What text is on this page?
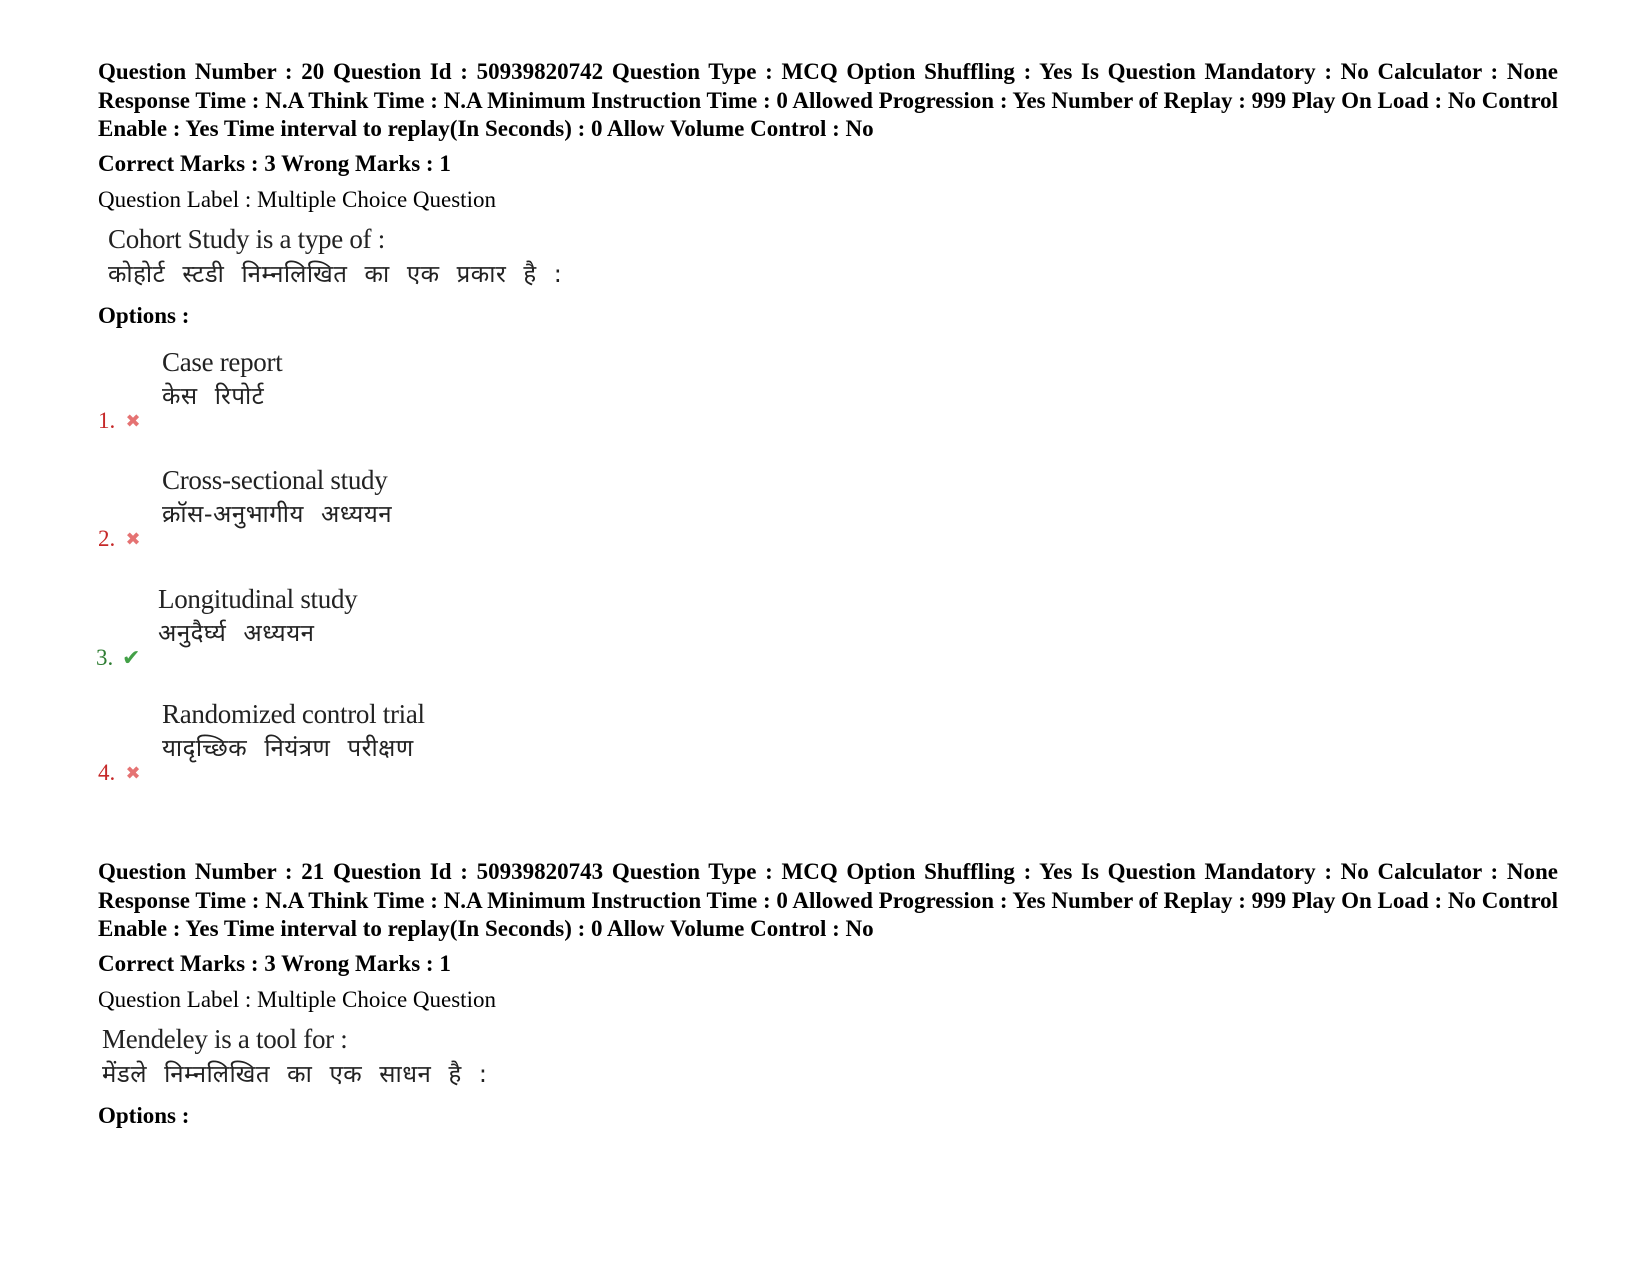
Question Number : 20 Question Id : 50939820742 Question Type : MCQ Option Shuffling : Yes Is Question Mandatory : No Calculator : None Response Time : N.A Think Time : N.A Minimum Instruction Time : 0 Allowed Progression : Yes Number of Replay : 999 Play On Load : No Control Enable : Yes Time interval to replay(In Seconds) : 0 Allow Volume Control : No

Correct Marks : 3 Wrong Marks : 1

Question Label : Multiple Choice Question

Cohort Study is a type of :
कोहोर्ट स्टडी निम्नलिखित का एक प्रकार है :

Options :

1. ✖
Case report
केस रिपोर्ट
2. ✖
Cross-sectional study
क्रॉस-अनुभागीय अध्ययन
3. ✔
Longitudinal study
अनुदैर्घ्य अध्ययन
4. ✖
Randomized control trial
यादृच्छिक नियंत्रण परीक्षण

Question Number : 21 Question Id : 50939820743 Question Type : MCQ Option Shuffling : Yes Is Question Mandatory : No Calculator : None Response Time : N.A Think Time : N.A Minimum Instruction Time : 0 Allowed Progression : Yes Number of Replay : 999 Play On Load : No Control Enable : Yes Time interval to replay(In Seconds) : 0 Allow Volume Control : No

Correct Marks : 3 Wrong Marks : 1

Question Label : Multiple Choice Question

Mendeley is a tool for :
मेंडले निम्नलिखित का एक साधन है :

Options :
